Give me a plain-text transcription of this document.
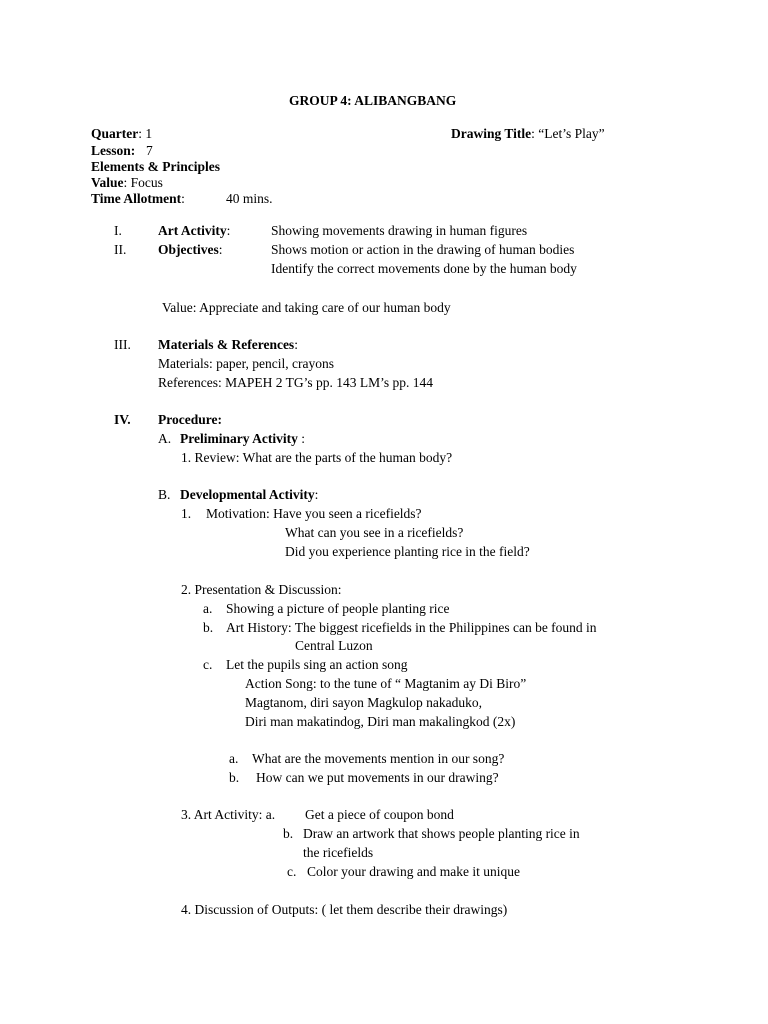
GROUP 4: ALIBANGBANG
Quarter: 1	Drawing Title: “Let’s Play”
Lesson: 7
Elements & Principles
Value: Focus
Time Allotment:	40 mins.
I.	Art Activity:	Showing movements drawing in human figures
II. Objectives:	Shows motion or action in the drawing of human bodies
Identify the correct movements done by the human body
Value: Appreciate and taking care of our human body
III. Materials & References:
Materials: paper, pencil, crayons
References: MAPEH 2 TG’s pp. 143 LM’s pp. 144
IV. Procedure:
A. Preliminary Activity :
1. Review: What are the parts of the human body?
B. Developmental Activity:
1. Motivation: Have you seen a ricefields?
What can you see in a ricefields?
Did you experience planting rice in the field?
2. Presentation & Discussion:
a. Showing a picture of people planting rice
b. Art History: The biggest ricefields in the Philippines can be found in
Central Luzon
c. Let the pupils sing an action song
Action Song: to the tune of “ Magtanim ay Di Biro”
Magtanom, diri sayon Magkulop nakaduko,
Diri man makatindog, Diri man makalingkod (2x)
a. What are the movements mention in our song?
b. How can we put movements in our drawing?
3. Art Activity: a. Get a piece of coupon bond
b. Draw an artwork that shows people planting rice in
the ricefields
c. Color your drawing and make it unique
4. Discussion of Outputs: ( let them describe their drawings)
